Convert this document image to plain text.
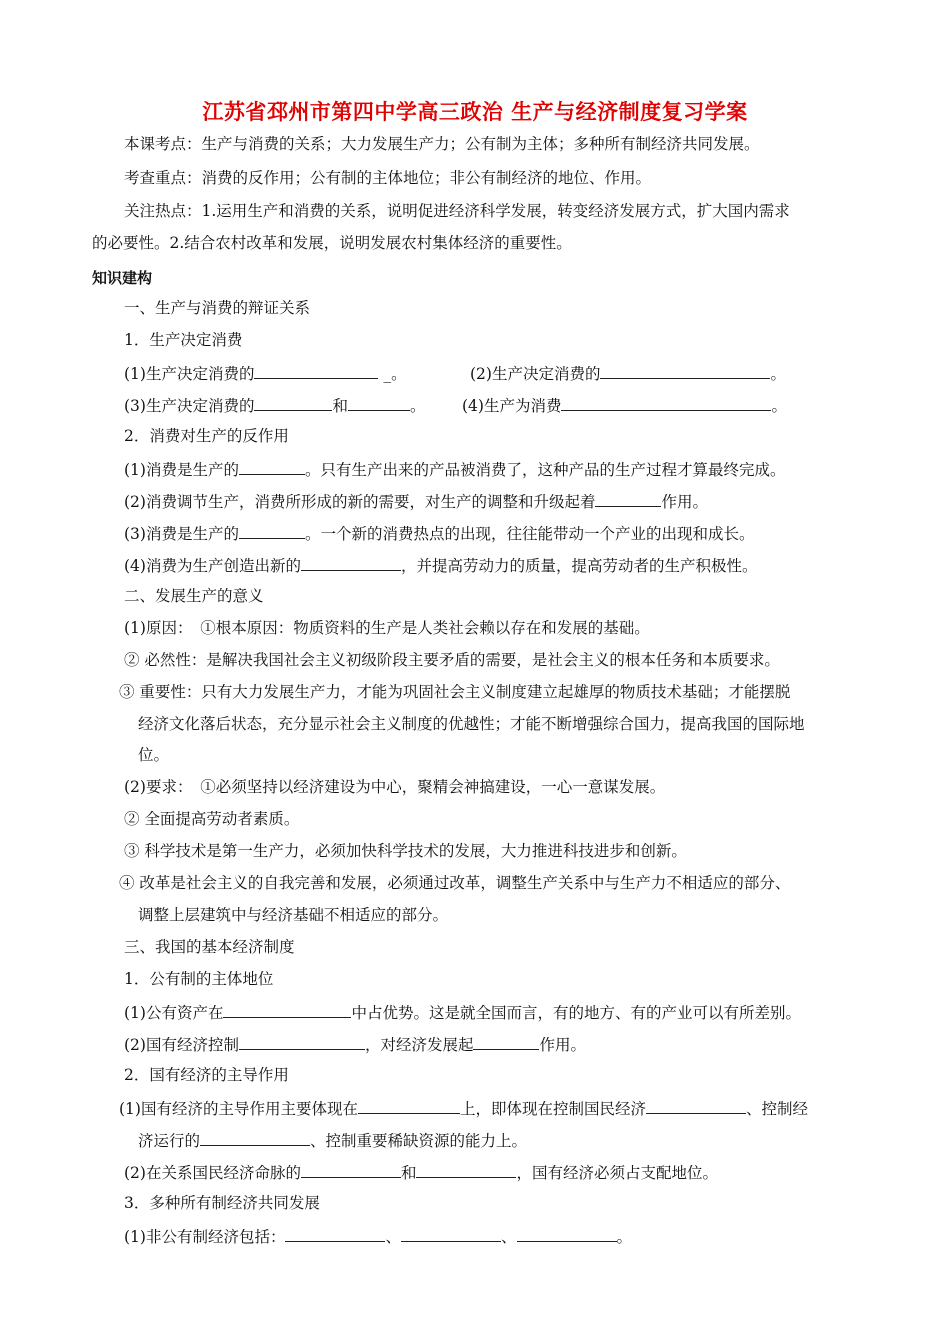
江苏省邳州市第四中学高三政治 生产与经济制度复习学案
本课考点：生产与消费的关系；大力发展生产力；公有制为主体；多种所有制经济共同发展。
考查重点：消费的反作用；公有制的主体地位；非公有制经济的地位、作用。
关注热点：1.运用生产和消费的关系，说明促进经济科学发展，转变经济发展方式，扩大国内需求
的必要性。2.结合农村改革和发展，说明发展农村集体经济的重要性。
知识建构
一、生产与消费的辩证关系
1．生产决定消费
(1)生产决定消费的	_。	(2)生产决定消费的	。
(3)生产决定消费的	和	。 (4)生产为消费	。
2．消费对生产的反作用
(1)消费是生产的	。只有生产出来的产品被消费了，这种产品的生产过程才算最终完成。
(2)消费调节生产，消费所形成的新的需要，对生产的调整和升级起着	作用。
(3)消费是生产的	。一个新的消费热点的出现，往往能带动一个产业的出现和成长。
(4)消费为生产创造出新的	，并提高劳动力的质量，提高劳动者的生产积极性。
二、发展生产的意义
(1)原因：　①根本原因：物质资料的生产是人类社会赖以存在和发展的基础。
② 必然性：是解决我国社会主义初级阶段主要矛盾的需要，是社会主义的根本任务和本质要求。
③ 重要性：只有大力发展生产力，才能为巩固社会主义制度建立起雄厚的物质技术基础；才能摆脱
经济文化落后状态，充分显示社会主义制度的优越性；才能不断增强综合国力，提高我国的国际地
位。
(2)要求：　①必须坚持以经济建设为中心，聚精会神搞建设，一心一意谋发展。
② 全面提高劳动者素质。
③ 科学技术是第一生产力，必须加快科学技术的发展，大力推进科技进步和创新。
④ 改革是社会主义的自我完善和发展，必须通过改革，调整生产关系中与生产力不相适应的部分、
调整上层建筑中与经济基础不相适应的部分。
三、我国的基本经济制度
1．公有制的主体地位
(1)公有资产在	中占优势。这是就全国而言，有的地方、有的产业可以有所差别。
(2)国有经济控制	，对经济发展起	作用。
2．国有经济的主导作用
(1)国有经济的主导作用主要体现在	上，即体现在控制国民经济	、控制经
济运行的	、控制重要稀缺资源的能力上。
(2)在关系国民经济命脉的	和	，国有经济必须占支配地位。
3．多种所有制经济共同发展
(1)非公有制经济包括：	、	、	。
